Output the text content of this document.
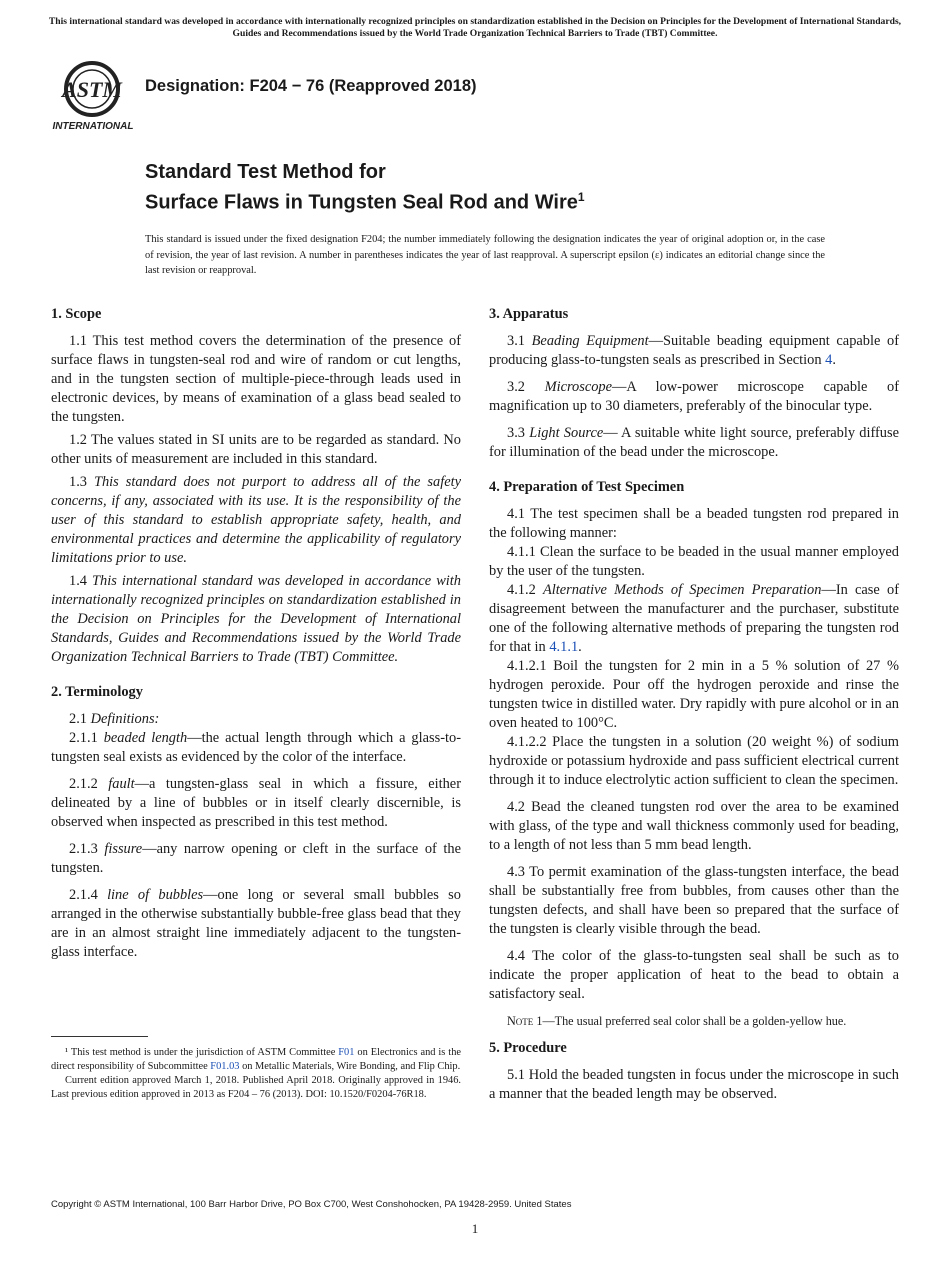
This international standard was developed in accordance with internationally recognized principles on standardization established in the Decision on Principles for the Development of International Standards, Guides and Recommendations issued by the World Trade Organization Technical Barriers to Trade (TBT) Committee.
ASTM
INTERNATIONAL
Designation: F204 − 76 (Reapproved 2018)
Standard Test Method for
Surface Flaws in Tungsten Seal Rod and Wire$^1$
This standard is issued under the fixed designation F204; the number immediately following the designation indicates the year of original adoption or, in the case of revision, the year of last revision. A number in parentheses indicates the year of last reapproval. A superscript epsilon (ε) indicates an editorial change since the last revision or reapproval.
1. Scope
1.1 This test method covers the determination of the presence of surface flaws in tungsten-seal rod and wire of random or cut lengths, and in the tungsten section of multiple-piece-through leads used in electronic devices, by means of examination of a glass bead sealed to the tungsten.
1.2 The values stated in SI units are to be regarded as standard. No other units of measurement are included in this standard.
1.3 This standard does not purport to address all of the safety concerns, if any, associated with its use. It is the responsibility of the user of this standard to establish appropriate safety, health, and environmental practices and determine the applicability of regulatory limitations prior to use.
1.4 This international standard was developed in accordance with internationally recognized principles on standardization established in the Decision on Principles for the Development of International Standards, Guides and Recommendations issued by the World Trade Organization Technical Barriers to Trade (TBT) Committee.
2. Terminology
2.1 Definitions:
2.1.1 beaded length—the actual length through which a glass-to-tungsten seal exists as evidenced by the color of the interface.
2.1.2 fault—a tungsten-glass seal in which a fissure, either delineated by a line of bubbles or in itself clearly discernible, is observed when inspected as prescribed in this test method.
2.1.3 fissure—any narrow opening or cleft in the surface of the tungsten.
2.1.4 line of bubbles—one long or several small bubbles so arranged in the otherwise substantially bubble-free glass bead that they are in an almost straight line immediately adjacent to the tungsten-glass interface.
¹ This test method is under the jurisdiction of ASTM Committee F01 on Electronics and is the direct responsibility of Subcommittee F01.03 on Metallic Materials, Wire Bonding, and Flip Chip.
Current edition approved March 1, 2018. Published April 2018. Originally approved in 1946. Last previous edition approved in 2013 as F204 – 76 (2013). DOI: 10.1520/F0204-76R18.
3. Apparatus
3.1 Beading Equipment—Suitable beading equipment capable of producing glass-to-tungsten seals as prescribed in Section 4.
3.2 Microscope—A low-power microscope capable of magnification up to 30 diameters, preferably of the binocular type.
3.3 Light Source— A suitable white light source, preferably diffuse for illumination of the bead under the microscope.
4. Preparation of Test Specimen
4.1 The test specimen shall be a beaded tungsten rod prepared in the following manner:
4.1.1 Clean the surface to be beaded in the usual manner employed by the user of the tungsten.
4.1.2 Alternative Methods of Specimen Preparation—In case of disagreement between the manufacturer and the purchaser, substitute one of the following alternative methods of preparing the tungsten rod for that in 4.1.1.
4.1.2.1 Boil the tungsten for 2 min in a 5 % solution of 27 % hydrogen peroxide. Pour off the hydrogen peroxide and rinse the tungsten twice in distilled water. Dry rapidly with pure alcohol or in an oven heated to 100°C.
4.1.2.2 Place the tungsten in a solution (20 weight %) of sodium hydroxide or potassium hydroxide and pass sufficient electrical current through it to induce electrolytic action sufficient to clean the specimen.
4.2 Bead the cleaned tungsten rod over the area to be examined with glass, of the type and wall thickness commonly used for beading, to a length of not less than 5 mm bead length.
4.3 To permit examination of the glass-tungsten interface, the bead shall be substantially free from bubbles, from causes other than the tungsten defects, and shall have been so prepared that the surface of the tungsten is clearly visible through the bead.
4.4 The color of the glass-to-tungsten seal shall be such as to indicate the proper application of heat to the bead to obtain a satisfactory seal.
Note 1—The usual preferred seal color shall be a golden-yellow hue.
5. Procedure
5.1 Hold the beaded tungsten in focus under the microscope in such a manner that the beaded length may be observed.
Copyright © ASTM International, 100 Barr Harbor Drive, PO Box C700, West Conshohocken, PA 19428-2959. United States
1
